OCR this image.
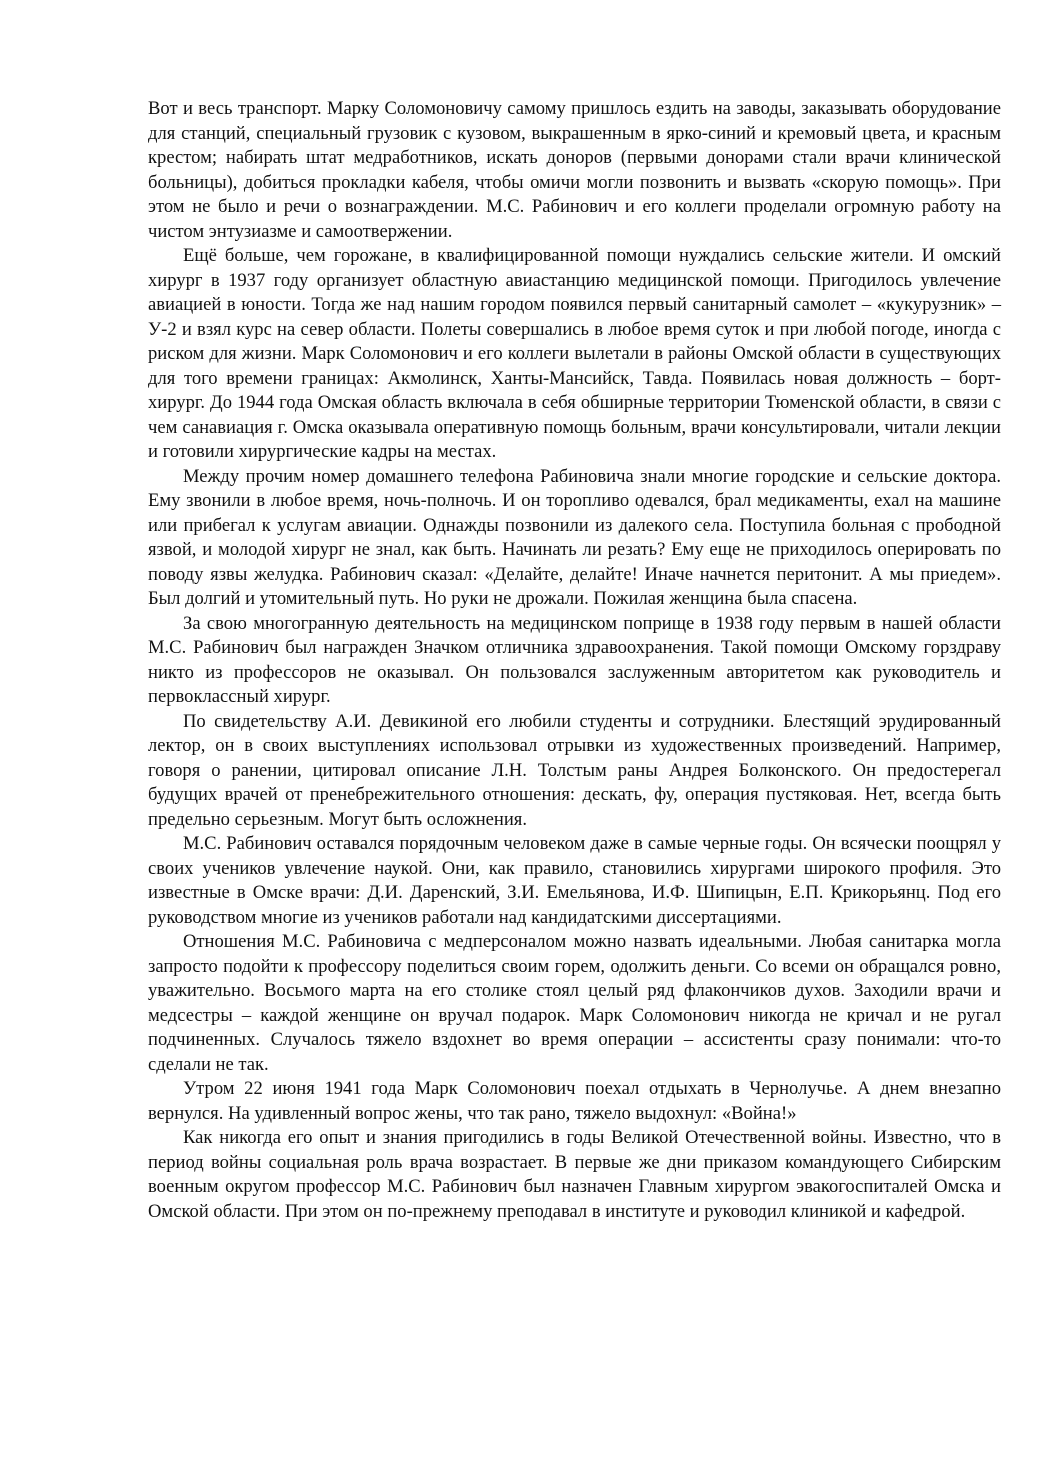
Вот и весь транспорт. Марку Соломоновичу самому пришлось ездить на заводы, заказывать оборудование для станций, специальный грузовик с кузовом, выкрашенным в ярко-синий и кремовый цвета, и красным крестом; набирать штат медработников, искать доноров (первыми донорами стали врачи клинической больницы), добиться прокладки кабеля, чтобы омичи могли позвонить и вызвать «скорую помощь». При этом не было и речи о вознаграждении. М.С. Рабинович и его коллеги проделали огромную работу на чистом энтузиазме и самоотвержении.

Ещё больше, чем горожане, в квалифицированной помощи нуждались сельские жители. И омский хирург в 1937 году организует областную авиастанцию медицинской помощи. Пригодилось увлечение авиацией в юности. Тогда же над нашим городом появился первый санитарный самолет – «кукурузник» – У-2 и взял курс на север области. Полеты совершались в любое время суток и при любой погоде, иногда с риском для жизни. Марк Соломонович и его коллеги вылетали в районы Омской области в существующих для того времени границах: Акмолинск, Ханты-Мансийск, Тавда. Появилась новая должность – борт-хирург. До 1944 года Омская область включала в себя обширные территории Тюменской области, в связи с чем санавиация г. Омска оказывала оперативную помощь больным, врачи консультировали, читали лекции и готовили хирургические кадры на местах.

Между прочим номер домашнего телефона Рабиновича знали многие городские и сельские доктора. Ему звонили в любое время, ночь-полночь. И он торопливо одевался, брал медикаменты, ехал на машине или прибегал к услугам авиации. Однажды позвонили из далекого села. Поступила больная с прободной язвой, и молодой хирург не знал, как быть. Начинать ли резать? Ему еще не приходилось оперировать по поводу язвы желудка. Рабинович сказал: «Делайте, делайте! Иначе начнется перитонит. А мы приедем». Был долгий и утомительный путь. Но руки не дрожали. Пожилая женщина была спасена.

За свою многогранную деятельность на медицинском поприще в 1938 году первым в нашей области М.С. Рабинович был награжден Значком отличника здравоохранения. Такой помощи Омскому горздраву никто из профессоров не оказывал. Он пользовался заслуженным авторитетом как руководитель и первоклассный хирург.

По свидетельству А.И. Девикиной его любили студенты и сотрудники. Блестящий эрудированный лектор, он в своих выступлениях использовал отрывки из художественных произведений. Например, говоря о ранении, цитировал описание Л.Н. Толстым раны Андрея Болконского. Он предостерегал будущих врачей от пренебрежительного отношения: дескать, фу, операция пустяковая. Нет, всегда быть предельно серьезным. Могут быть осложнения.

М.С. Рабинович оставался порядочным человеком даже в самые черные годы. Он всячески поощрял у своих учеников увлечение наукой. Они, как правило, становились хирургами широкого профиля. Это известные в Омске врачи: Д.И. Даренский, З.И. Емельянова, И.Ф. Шипицын, Е.П. Крикорьянц. Под его руководством многие из учеников работали над кандидатскими диссертациями.

Отношения М.С. Рабиновича с медперсоналом можно назвать идеальными. Любая санитарка могла запросто подойти к профессору поделиться своим горем, одолжить деньги. Со всеми он обращался ровно, уважительно. Восьмого марта на его столике стоял целый ряд флакончиков духов. Заходили врачи и медсестры – каждой женщине он вручал подарок. Марк Соломонович никогда не кричал и не ругал подчиненных. Случалось тяжело вздохнет во время операции – ассистенты сразу понимали: что-то сделали не так.

Утром 22 июня 1941 года Марк Соломонович поехал отдыхать в Чернолучье. А днем внезапно вернулся. На удивленный вопрос жены, что так рано, тяжело выдохнул: «Война!»

Как никогда его опыт и знания пригодились в годы Великой Отечественной войны. Известно, что в период войны социальная роль врача возрастает. В первые же дни приказом командующего Сибирским военным округом профессор М.С. Рабинович был назначен Главным хирургом эвакогоспиталей Омска и Омской области. При этом он по-прежнему преподавал в институте и руководил клиникой и кафедрой.
